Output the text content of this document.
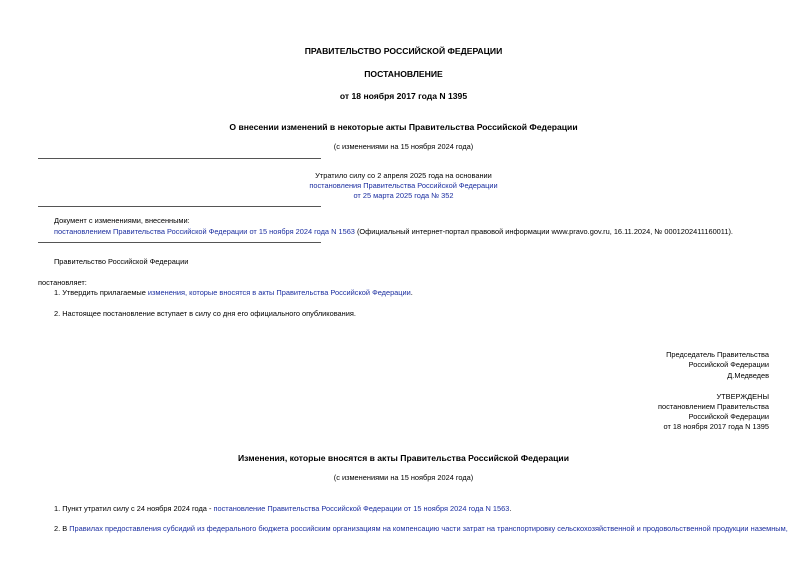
ПРАВИТЕЛЬСТВО РОССИЙСКОЙ ФЕДЕРАЦИИ
ПОСТАНОВЛЕНИЕ
от 18 ноября 2017 года N 1395
О внесении изменений в некоторые акты Правительства Российской Федерации
(с изменениями на 15 ноября 2024 года)
Утратило силу со 2 апреля 2025 года на основании
постановления Правительства Российской Федерации
от 25 марта 2025 года № 352
Документ с изменениями, внесенными:
постановлением Правительства Российской Федерации от 15 ноября 2024 года N 1563 (Официальный интернет-портал правовой информации www.pravo.gov.ru, 16.11.2024, № 0001202411160011).
Правительство Российской Федерации
постановляет:
1. Утвердить прилагаемые изменения, которые вносятся в акты Правительства Российской Федерации.
2. Настоящее постановление вступает в силу со дня его официального опубликования.
Председатель Правительства
Российской Федерации
Д.Медведев
УТВЕРЖДЕНЫ
постановлением Правительства
Российской Федерации
от 18 ноября 2017 года N 1395
Изменения, которые вносятся в акты Правительства Российской Федерации
(с изменениями на 15 ноября 2024 года)
1. Пункт утратил силу с 24 ноября 2024 года - постановление Правительства Российской Федерации от 15 ноября 2024 года N 1563.
2. В Правилах предоставления субсидий из федерального бюджета российским организациям на компенсацию части затрат на транспортировку сельскохозяйственной и продовольственной продукции наземным,
